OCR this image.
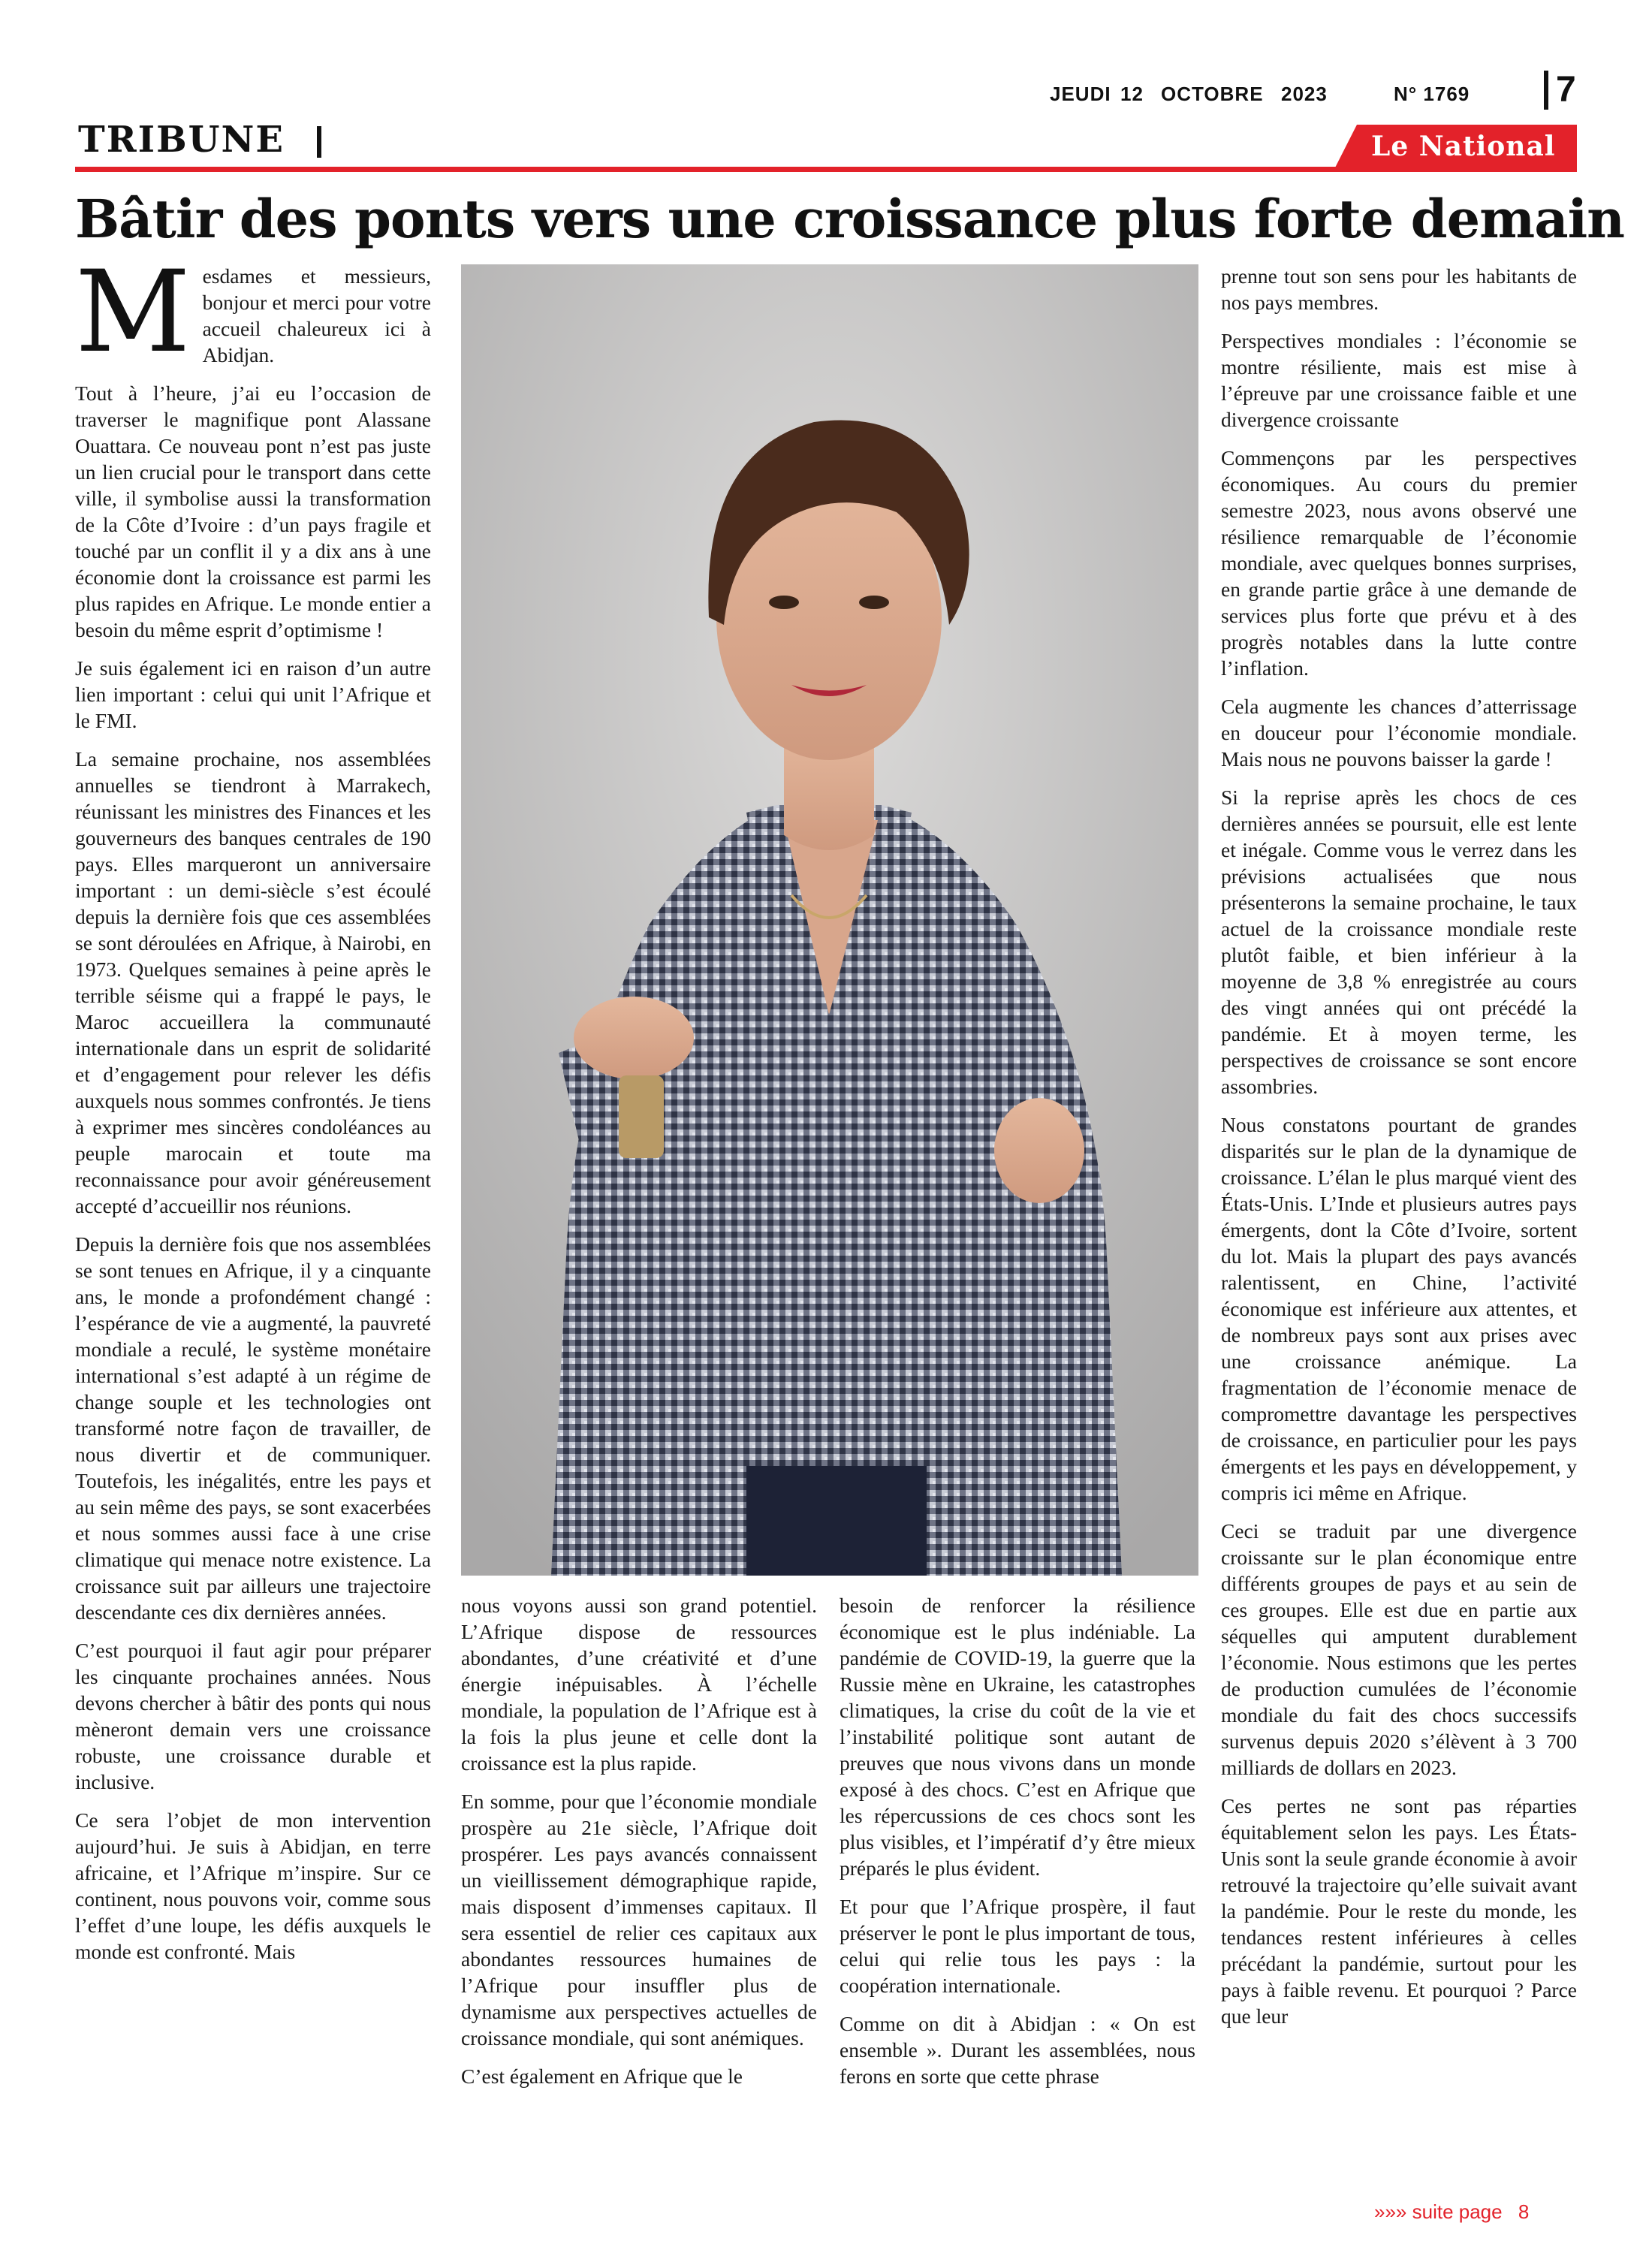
JEUDI 12 OCTOBRE 2023	N° 1769 7
TRIBUNE	Le National
Bâtir des ponts vers une croissance plus forte demain

Mesdames et messieurs, bonjour et merci pour votre accueil chaleureux ici à Abidjan.

Tout à l’heure, j’ai eu l’occasion de traverser le magnifique pont Alassane Ouattara. Ce nouveau pont n’est pas juste un lien crucial pour le transport dans cette ville, il symbolise aussi la transformation de la Côte d’Ivoire : d’un pays fragile et touché par un conflit il y a dix ans à une économie dont la croissance est parmi les plus rapides en Afrique. Le monde entier a besoin du même esprit d’optimisme !

Je suis également ici en raison d’un autre lien important : celui qui unit l’Afrique et le FMI.

La semaine prochaine, nos assemblées annuelles se tiendront à Marrakech, réunissant les ministres des Finances et les gouverneurs des banques centrales de 190 pays. Elles marqueront un anniversaire important : un demi-siècle s’est écoulé depuis la dernière fois que ces assemblées se sont déroulées en Afrique, à Nairobi, en 1973. Quelques semaines à peine après le terrible séisme qui a frappé le pays, le Maroc accueillera la communauté internationale dans un esprit de solidarité et d’engagement pour relever les défis auxquels nous sommes confrontés. Je tiens à exprimer mes sincères condoléances au peuple marocain et toute ma reconnaissance pour avoir généreusement accepté d’accueillir nos réunions.

Depuis la dernière fois que nos assemblées se sont tenues en Afrique, il y a cinquante ans, le monde a profondément changé : l’espérance de vie a augmenté, la pauvreté mondiale a reculé, le système monétaire international s’est adapté à un régime de change souple et les technologies ont transformé notre façon de travailler, de nous divertir et de communiquer. Toutefois, les inégalités, entre les pays et au sein même des pays, se sont exacerbées et nous sommes aussi face à une crise climatique qui menace notre existence. La croissance suit par ailleurs une trajectoire descendante ces dix dernières années.

C’est pourquoi il faut agir pour préparer les cinquante prochaines années. Nous devons chercher à bâtir des ponts qui nous mèneront demain vers une croissance robuste, une croissance durable et inclusive.

Ce sera l’objet de mon intervention aujourd’hui. Je suis à Abidjan, en terre africaine, et l’Afrique m’inspire. Sur ce continent, nous pouvons voir, comme sous l’effet d’une loupe, les défis auxquels le monde est confronté. Mais

nous voyons aussi son grand potentiel. L’Afrique dispose de ressources abondantes, d’une créativité et d’une énergie inépuisables. À l’échelle mondiale, la population de l’Afrique est à la fois la plus jeune et celle dont la croissance est la plus rapide.

En somme, pour que l’économie mondiale prospère au 21e siècle, l’Afrique doit prospérer. Les pays avancés connaissent un vieillissement démographique rapide, mais disposent d’immenses capitaux. Il sera essentiel de relier ces capitaux aux abondantes ressources humaines de l’Afrique pour insuffler plus de dynamisme aux perspectives actuelles de croissance mondiale, qui sont anémiques.

C’est également en Afrique que le

besoin de renforcer la résilience économique est le plus indéniable. La pandémie de COVID-19, la guerre que la Russie mène en Ukraine, les catastrophes climatiques, la crise du coût de la vie et l’instabilité politique sont autant de preuves que nous vivons dans un monde exposé à des chocs. C’est en Afrique que les répercussions de ces chocs sont les plus visibles, et l’impératif d’y être mieux préparés le plus évident.

Et pour que l’Afrique prospère, il faut préserver le pont le plus important de tous, celui qui relie tous les pays : la coopération internationale.

Comme on dit à Abidjan : « On est ensemble ». Durant les assemblées, nous ferons en sorte que cette phrase

prenne tout son sens pour les habitants de nos pays membres.

Perspectives mondiales : l’économie se montre résiliente, mais est mise à l’épreuve par une croissance faible et une divergence croissante

Commençons par les perspectives économiques. Au cours du premier semestre 2023, nous avons observé une résilience remarquable de l’économie mondiale, avec quelques bonnes surprises, en grande partie grâce à une demande de services plus forte que prévu et à des progrès notables dans la lutte contre l’inflation.

Cela augmente les chances d’atterrissage en douceur pour l’économie mondiale. Mais nous ne pouvons baisser la garde !

Si la reprise après les chocs de ces dernières années se poursuit, elle est lente et inégale. Comme vous le verrez dans les prévisions actualisées que nous présenterons la semaine prochaine, le taux actuel de la croissance mondiale reste plutôt faible, et bien inférieur à la moyenne de 3,8 % enregistrée au cours des vingt années qui ont précédé la pandémie. Et à moyen terme, les perspectives de croissance se sont encore assombries.

Nous constatons pourtant de grandes disparités sur le plan de la dynamique de croissance. L’élan le plus marqué vient des États-Unis. L’Inde et plusieurs autres pays émergents, dont la Côte d’Ivoire, sortent du lot. Mais la plupart des pays avancés ralentissent, en Chine, l’activité économique est inférieure aux attentes, et de nombreux pays sont aux prises avec une croissance anémique. La fragmentation de l’économie menace de compromettre davantage les perspectives de croissance, en particulier pour les pays émergents et les pays en développement, y compris ici même en Afrique.

Ceci se traduit par une divergence croissante sur le plan économique entre différents groupes de pays et au sein de ces groupes. Elle est due en partie aux séquelles qui amputent durablement l’économie. Nous estimons que les pertes de production cumulées de l’économie mondiale du fait des chocs successifs survenus depuis 2020 s’élèvent à 3 700 milliards de dollars en 2023.

Ces pertes ne sont pas réparties équitablement selon les pays. Les États-Unis sont la seule grande économie à avoir retrouvé la trajectoire qu’elle suivait avant la pandémie. Pour le reste du monde, les tendances restent inférieures à celles précédant la pandémie, surtout pour les pays à faible revenu. Et pourquoi ? Parce que leur

»»» suite page 8
